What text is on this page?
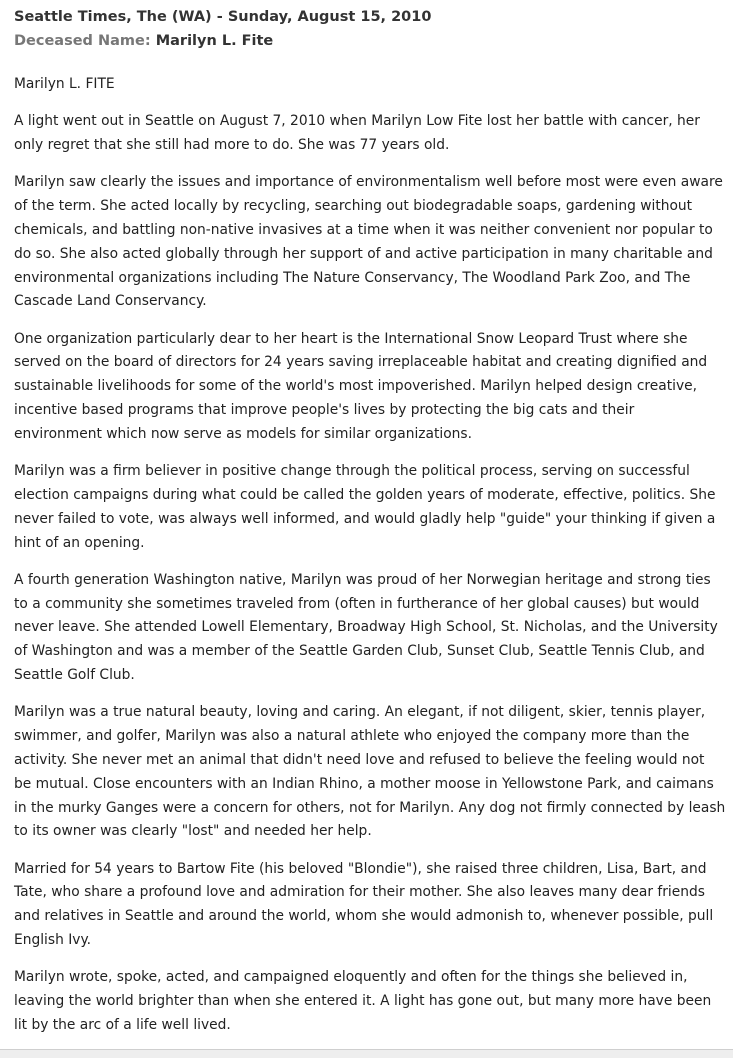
Seattle Times, The (WA) - Sunday, August 15, 2010
Deceased Name: Marilyn L. Fite
Marilyn L. FITE

A light went out in Seattle on August 7, 2010 when Marilyn Low Fite lost her battle with cancer, her only regret that she still had more to do. She was 77 years old.

Marilyn saw clearly the issues and importance of environmentalism well before most were even aware of the term. She acted locally by recycling, searching out biodegradable soaps, gardening without chemicals, and battling non-native invasives at a time when it was neither convenient nor popular to do so. She also acted globally through her support of and active participation in many charitable and environmental organizations including The Nature Conservancy, The Woodland Park Zoo, and The Cascade Land Conservancy.

One organization particularly dear to her heart is the International Snow Leopard Trust where she served on the board of directors for 24 years saving irreplaceable habitat and creating dignified and sustainable livelihoods for some of the world's most impoverished. Marilyn helped design creative, incentive based programs that improve people's lives by protecting the big cats and their environment which now serve as models for similar organizations.

Marilyn was a firm believer in positive change through the political process, serving on successful election campaigns during what could be called the golden years of moderate, effective, politics. She never failed to vote, was always well informed, and would gladly help "guide" your thinking if given a hint of an opening.

A fourth generation Washington native, Marilyn was proud of her Norwegian heritage and strong ties to a community she sometimes traveled from (often in furtherance of her global causes) but would never leave. She attended Lowell Elementary, Broadway High School, St. Nicholas, and the University of Washington and was a member of the Seattle Garden Club, Sunset Club, Seattle Tennis Club, and Seattle Golf Club.

Marilyn was a true natural beauty, loving and caring. An elegant, if not diligent, skier, tennis player, swimmer, and golfer, Marilyn was also a natural athlete who enjoyed the company more than the activity. She never met an animal that didn't need love and refused to believe the feeling would not be mutual. Close encounters with an Indian Rhino, a mother moose in Yellowstone Park, and caimans in the murky Ganges were a concern for others, not for Marilyn. Any dog not firmly connected by leash to its owner was clearly "lost" and needed her help.

Married for 54 years to Bartow Fite (his beloved "Blondie"), she raised three children, Lisa, Bart, and Tate, who share a profound love and admiration for their mother. She also leaves many dear friends and relatives in Seattle and around the world, whom she would admonish to, whenever possible, pull English Ivy.

Marilyn wrote, spoke, acted, and campaigned eloquently and often for the things she believed in, leaving the world brighter than when she entered it. A light has gone out, but many more have been lit by the arc of a life well lived.
